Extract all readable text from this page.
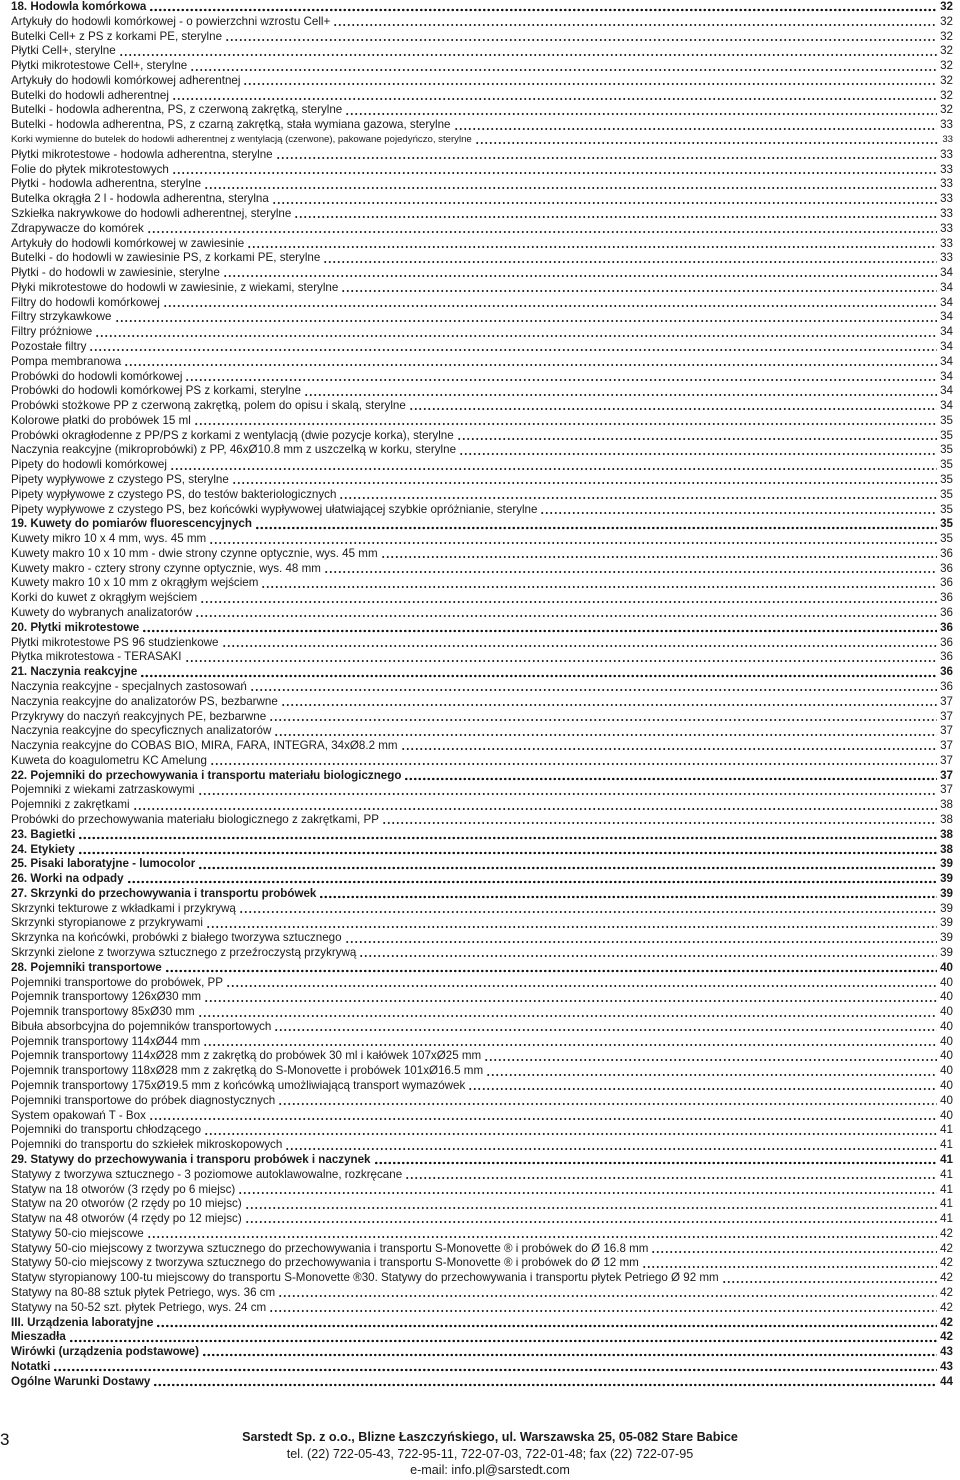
18. Hodowla komórkowa	32
Artykuły do hodowli komórkowej - o powierzchni wzrostu Cell+	32
Butelki Cell+ z PS z korkami PE, sterylne	32
Płytki Cell+, sterylne	32
Płytki mikrotestowe Cell+, sterylne	32
Artykuły do hodowli komórkowej adherentnej	32
Butelki do hodowli adherentnej	32
Butelki - hodowla adherentna, PS, z czerwoną zakrętką, sterylne	32
Butelki - hodowla adherentna, PS, z czarną zakrętką, stała wymiana gazowa, sterylne	33
Korki wymienne do butelek do hodowli adherentnej z wentylacją (czerwone), pakowane pojedyńczo, sterylne	33
Płytki mikrotestowe - hodowla adherentna, sterylne	33
Folie do płytek mikrotestowych	33
Płytki - hodowla adherentna, sterylne	33
Butelka okrągła 2 l - hodowla adherentna, sterylna	33
Szkiełka nakrywkowe do hodowli adherentnej, sterylne	33
Zdrapywacze do komórek	33
Artykuły do hodowli komórkowej w zawiesinie	33
Butelki - do hodowli w zawiesinie PS, z korkami PE, sterylne	33
Płytki - do hodowli w zawiesinie, sterylne	34
Płyki mikrotestowe do hodowli w zawiesinie, z wiekami, sterylne	34
Filtry do hodowli komórkowej	34
Filtry strzykawkowe	34
Filtry próżniowe	34
Pozostałe filtry	34
Pompa membranowa	34
Probówki do hodowli komórkowej	34
Probówki do hodowli komórkowej PS z korkami, sterylne	34
Probówki stożkowe PP z czerwoną zakrętką, polem do opisu i skalą, sterylne	34
Kolorowe płatki do probówek 15 ml	35
Probówki okragłodenne z PP/PS z korkami z wentylacją (dwie pozycje korka), sterylne	35
Naczynia reakcyjne (mikroprobówki) z PP, 46xØ10.8 mm z uszczelką w korku, sterylne	35
Pipety do hodowli komórkowej	35
Pipety wypływowe z czystego PS, sterylne	35
Pipety wypływowe z czystego PS, do testów bakteriologicznych	35
Pipety wypływowe z czystego PS, bez końcówki wypływowej ułatwiającej szybkie opróżnianie, sterylne	35
19. Kuwety do pomiarów fluorescencyjnych	35
Kuwety mikro 10 x 4 mm, wys. 45 mm	35
Kuwety makro 10 x 10 mm - dwie strony czynne optycznie, wys. 45 mm	36
Kuwety makro - cztery strony czynne optycznie, wys. 48 mm	36
Kuwety makro 10 x 10 mm z okrągłym wejściem	36
Korki do kuwet z okrągłym wejściem	36
Kuwety do wybranych analizatorów	36
20. Płytki mikrotestowe	36
Płytki mikrotestowe PS 96 studzienkowe	36
Płytka mikrotestowa - TERASAKI	36
21. Naczynia reakcyjne	36
Naczynia reakcyjne - specjalnych zastosowań	36
Naczynia reakcyjne do analizatorów PS, bezbarwne	37
Przykrywy do naczyń reakcyjnych PE, bezbarwne	37
Naczynia reakcyjne do specyficznych analizatorów	37
Naczynia reakcyjne do COBAS BIO, MIRA, FARA, INTEGRA, 34xØ8.2 mm	37
Kuweta do koagulometru KC Amelung	37
22. Pojemniki do przechowywania i transportu materiału biologicznego	37
Pojemniki z wiekami zatrzaskowymi	37
Pojemniki z zakrętkami	38
Probówki do przechowywania materiału biologicznego z zakrętkami, PP	38
23. Bagietki	38
24. Etykiety	38
25. Pisaki laboratyjne - lumocolor	39
26. Worki na odpady	39
27. Skrzynki do przechowywania i transportu probówek	39
Skrzynki tekturowe z wkładkami i przykrywą	39
Skrzynki styropianowe z przykrywami	39
Skrzynka na końcówki, probówki z białego tworzywa sztucznego	39
Skrzynki zielone z tworzywa sztucznego z przeźroczystą przykrywą	39
28. Pojemniki transportowe	40
Pojemniki transportowe do probówek, PP	40
Pojemnik transportowy 126xØ30 mm	40
Pojemnik transportowy 85xØ30 mm	40
Bibuła absorbcyjna do pojemników transportowych	40
Pojemnik transportowy 114xØ44 mm	40
Pojemnik transportowy 114xØ28 mm z zakrętką do probówek 30 ml i kałówek 107xØ25 mm	40
Pojemnik transportowy 118xØ28 mm z zakrętką do S-Monovette i probówek 101xØ16.5 mm	40
Pojemnik transportowy 175xØ19.5 mm z końcówką umożliwiającą transport wymazówek	40
Pojemniki transportowe do próbek diagnostycznych	40
System opakowań T - Box	40
Pojemniki do transportu chłodzącego	41
Pojemniki do transportu do szkiełek mikroskopowych	41
29. Statywy do przechowywania i transporu probówek i naczynek	41
Statywy z tworzywa sztucznego - 3 poziomowe autoklawowalne, rozkręcane	41
Statyw na 18 otworów (3 rzędy po 6 miejsc)	41
Statyw na 20 otworów (2 rzędy po 10 miejsc)	41
Statyw na 48 otworów (4 rzędy po 12 miejsc)	41
Statywy 50-cio miejscowe	42
Statywy 50-cio miejscowy z tworzywa sztucznego do przechowywania i transportu S-Monovette ® i probówek do Ø 16.8 mm	42
Statywy 50-cio miejscowy z tworzywa sztucznego do przechowywania i transportu S-Monovette ® i probówek do Ø 12 mm	42
Statyw styropianowy 100-tu miejscowy do transportu S-Monovette ®30. Statywy do przechowywania i transportu płytek Petriego Ø 92 mm	42
Statywy na 80-88 sztuk płytek Petriego, wys. 36 cm	42
Statywy na 50-52 szt. płytek Petriego, wys. 24 cm	42
III. Urządzenia laboratyjne	42
Mieszadła	42
Wirówki (urządzenia podstawowe)	43
Notatki	43
Ogólne Warunki Dostawy	44
3	Sarstedt Sp. z o.o., Blizne Łaszczyńskiego, ul. Warszawska 25, 05-082 Stare Babice
tel. (22) 722-05-43, 722-95-11, 722-07-03, 722-01-48; fax (22) 722-07-95
e-mail: info.pl@sarstedt.com
